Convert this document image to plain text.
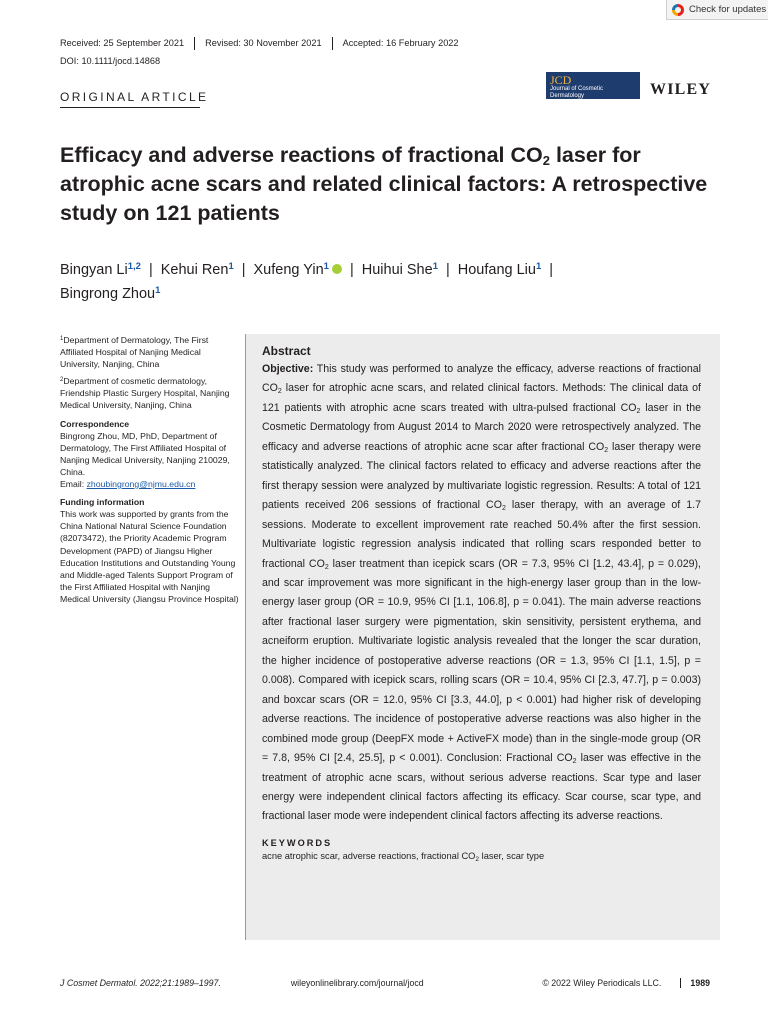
Check for updates
Received: 25 September 2021	Revised: 30 November 2021	Accepted: 16 February 2022
DOI: 10.1111/jocd.14868
ORIGINAL ARTICLE
JCD
Journal of Cosmetic Dermatology	WILEY
Efficacy and adverse reactions of fractional $CO_2$ laser for atrophic acne scars and related clinical factors: A retrospective study on 121 patients
Bingyan Li$^{1,2}$ | Kehui Ren$^1$ | Xufeng Yin$^1$ | Huihui She$^1$ | Houfang Liu$^1$ |
Bingrong Zhou$^1$

$^1$Department of Dermatology, The First Affiliated Hospital of Nanjing Medical University, Nanjing, China

$^2$Department of cosmetic dermatology, Friendship Plastic Surgery Hospital, Nanjing Medical University, Nanjing, China

Correspondence

Bingrong Zhou, MD, PhD, Department of Dermatology, The First Affiliated Hospital of Nanjing Medical University, Nanjing 210029, China.
Email: zhoubingrong@njmu.edu.cn

Funding information

This work was supported by grants from the China National Natural Science Foundation (82073472), the Priority Academic Program Development (PAPD) of Jiangsu Higher Education Institutions and Outstanding Young and Middle-aged Talents Support Program of the First Affiliated Hospital with Nanjing Medical University (Jiangsu Province Hospital)

Abstract
Objective: This study was performed to analyze the efficacy, adverse reactions of fractional $CO_2$ laser for atrophic acne scars, and related clinical factors. Methods: The clinical data of 121 patients with atrophic acne scars treated with ultra-pulsed fractional $CO_2$ laser in the Cosmetic Dermatology from August 2014 to March 2020 were retrospectively analyzed. The efficacy and adverse reactions of atrophic acne scar after fractional $CO_2$ laser therapy were statistically analyzed. The clinical factors related to efficacy and adverse reactions after the first therapy session were analyzed by multivariate logistic regression. Results: A total of 121 patients received 206 sessions of fractional $CO_2$ laser therapy, with an average of 1.7 sessions. Moderate to excellent improvement rate reached 50.4% after the first session. Multivariate logistic regression analysis indicated that rolling scars responded better to fractional $CO_2$ laser treatment than icepick scars (OR = 7.3, 95% CI [1.2, 43.4], p = 0.029), and scar improvement was more significant in the high-energy laser group than in the low-energy laser group (OR = 10.9, 95% CI [1.1, 106.8], p = 0.041). The main adverse reactions after fractional laser surgery were pigmentation, skin sensitivity, persistent erythema, and acneiform eruption. Multivariate logistic analysis revealed that the longer the scar duration, the higher incidence of postoperative adverse reactions (OR = 1.3, 95% CI [1.1, 1.5], p = 0.008). Compared with icepick scars, rolling scars (OR = 10.4, 95% CI [2.3, 47.7], p = 0.003) and boxcar scars (OR = 12.0, 95% CI [3.3, 44.0], p < 0.001) had higher risk of developing adverse reactions. The incidence of postoperative adverse reactions was also higher in the combined mode group (DeepFX mode + ActiveFX mode) than in the single-mode group (OR = 7.8, 95% CI [2.4, 25.5], p < 0.001). Conclusion: Fractional $CO_2$ laser was effective in the treatment of atrophic acne scars, without serious adverse reactions. Scar type and laser energy were independent clinical factors affecting its efficacy. Scar course, scar type, and fractional laser mode were independent clinical factors affecting its adverse reactions.
KEYWORDS
acne atrophic scar, adverse reactions, fractional $CO_2$ laser, scar type
J Cosmet Dermatol. 2022;21:1989–1997.	wileyonlinelibrary.com/journal/jocd	© 2022 Wiley Periodicals LLC.	1989
